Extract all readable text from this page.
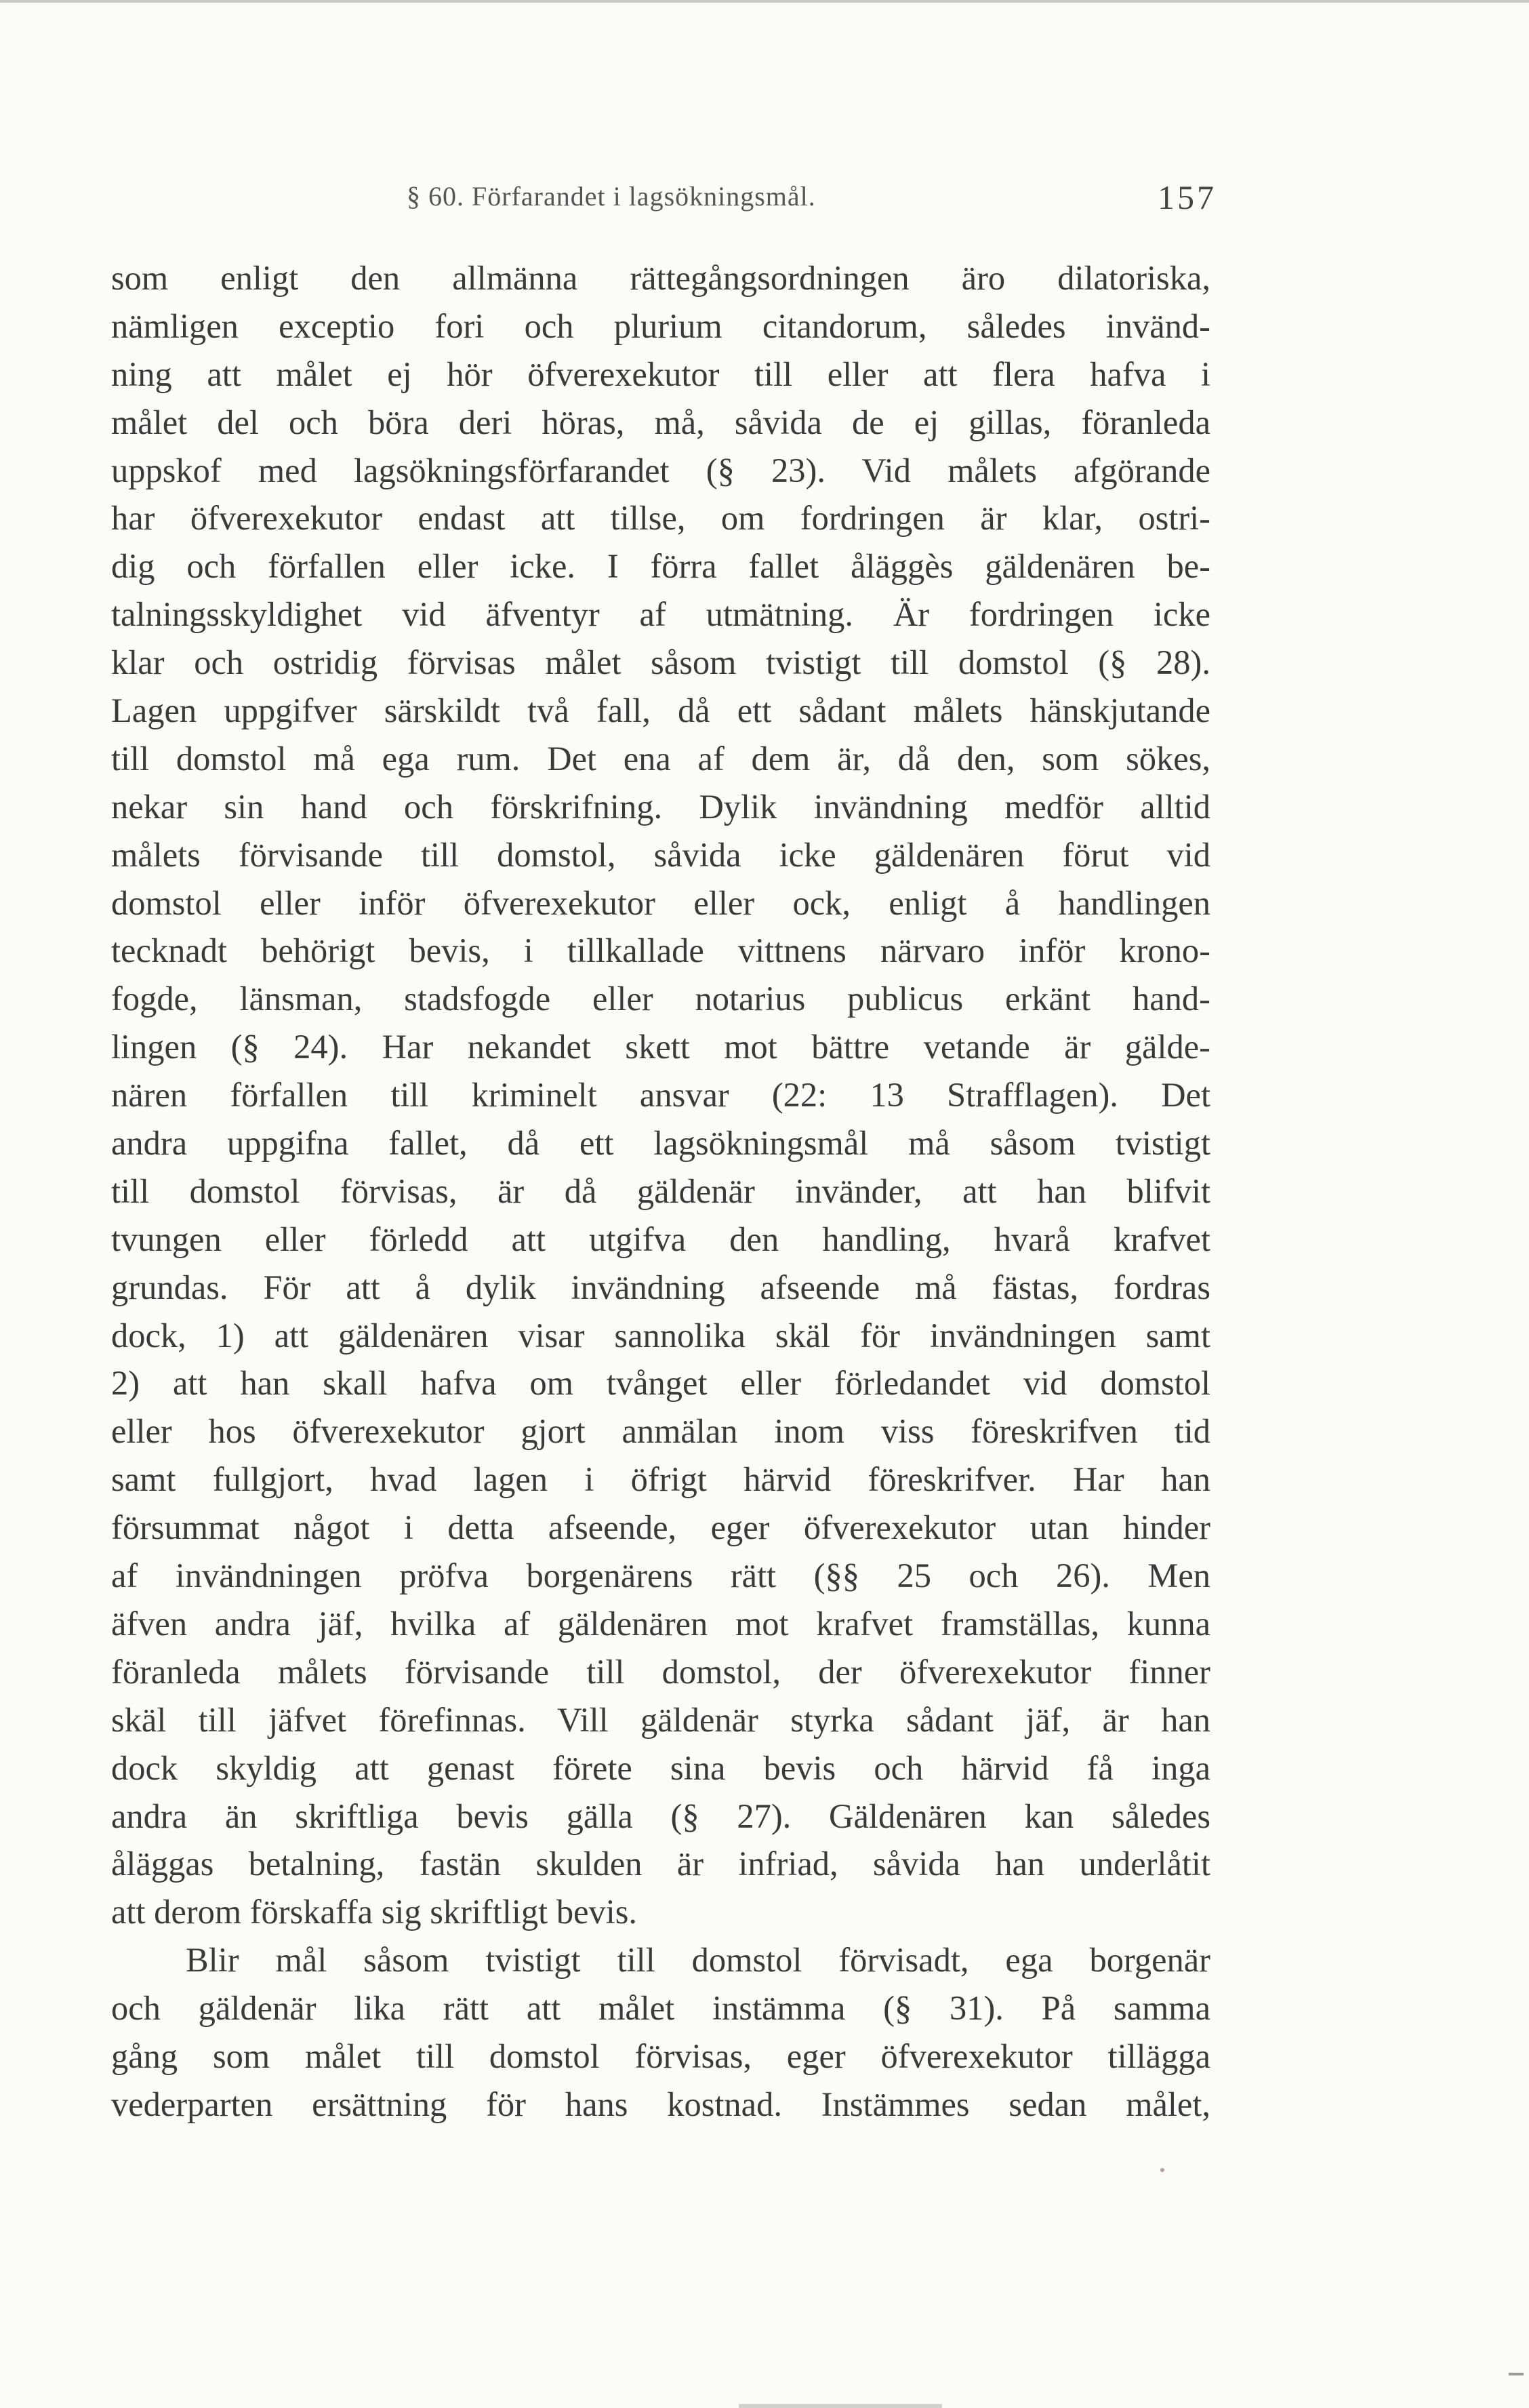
§ 60. Förfarandet i lagsökningsmål.	157
som enligt den allmänna rättegångsordningen äro dilatoriska,
nämligen exceptio fori och plurium citandorum, således invänd-
ning att målet ej hör öfverexekutor till eller att flera hafva i
målet del och böra deri höras, må, såvida de ej gillas, föranleda
uppskof med lagsökningsförfarandet (§ 23). Vid målets afgörande
har öfverexekutor endast att tillse, om fordringen är klar, ostri-
dig och förfallen eller icke. I förra fallet åläggès gäldenären be-
talningsskyldighet vid äfventyr af utmätning. Är fordringen icke
klar och ostridig förvisas målet såsom tvistigt till domstol (§ 28).
Lagen uppgifver särskildt två fall, då ett sådant målets hänskjutande
till domstol må ega rum. Det ena af dem är, då den, som sökes,
nekar sin hand och förskrifning. Dylik invändning medför alltid
målets förvisande till domstol, såvida icke gäldenären förut vid
domstol eller inför öfverexekutor eller ock, enligt å handlingen
tecknadt behörigt bevis, i tillkallade vittnens närvaro inför krono-
fogde, länsman, stadsfogde eller notarius publicus erkänt hand-
lingen (§ 24). Har nekandet skett mot bättre vetande är gälde-
nären förfallen till kriminelt ansvar (22: 13 Strafflagen). Det
andra uppgifna fallet, då ett lagsökningsmål må såsom tvistigt
till domstol förvisas, är då gäldenär invänder, att han blifvit
tvungen eller förledd att utgifva den handling, hvarå krafvet
grundas. För att å dylik invändning afseende må fästas, fordras
dock, 1) att gäldenären visar sannolika skäl för invändningen samt
2) att han skall hafva om tvånget eller förledandet vid domstol
eller hos öfverexekutor gjort anmälan inom viss föreskrifven tid
samt fullgjort, hvad lagen i öfrigt härvid föreskrifver. Har han
försummat något i detta afseende, eger öfverexekutor utan hinder
af invändningen pröfva borgenärens rätt (§§ 25 och 26). Men
äfven andra jäf, hvilka af gäldenären mot krafvet framställas, kunna
föranleda målets förvisande till domstol, der öfverexekutor finner
skäl till jäfvet förefinnas. Vill gäldenär styrka sådant jäf, är han
dock skyldig att genast förete sina bevis och härvid få inga
andra än skriftliga bevis gälla (§ 27). Gäldenären kan således
åläggas betalning, fastän skulden är infriad, såvida han underlåtit
att derom förskaffa sig skriftligt bevis.
Blir mål såsom tvistigt till domstol förvisadt, ega borgenär
och gäldenär lika rätt att målet instämma (§ 31). På samma
gång som målet till domstol förvisas, eger öfverexekutor tillägga
vederparten ersättning för hans kostnad. Instämmes sedan målet,
